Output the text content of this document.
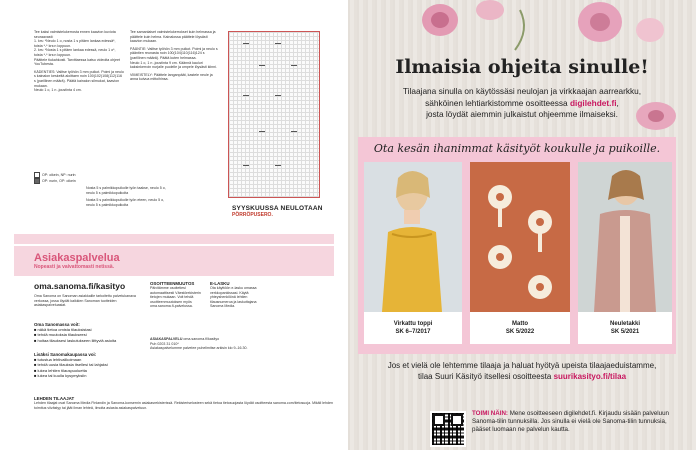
Tee kaksi valmistelukerrosta ennen kaavion kuviota seuraavasti:
1. krs: *Neulo 1 o, nosta 1 s pitäen lankaa edessä*, toista *-* krs:n loppuun.
2. krs: *Nosta 1 s pitäen lankaa edessä, neulo 1 o*, toista *-* krs:n loppuun.
Päättele tiukahkosti. Tarvittaessa katso videolta ohjeet YouTubesta.
KÄDENTIES: Valitse työhön 3 mm puikot. Poimi ja neulo s kainalon keskeltä aloittaen noin 100(102)108(112)116 s (parillinen määrä). Päätä kainalon silmukat, kaavion mukaan.
Neulo 1 o, 1 n -joustinta 4 cm.
Tee samanlaiset valmistelukerrokset kuin helmassa ja päättele kuin helma. Kainalossa päättele löysästi kaavion mukaan.
PÄÄNTIE: Valitse työhön 3 mm puikot. Poimi ja neulo s pääntien reunasta noin 100(104)110(116)124 s (parillinen määrä). Päätä kuten helmassa.
Neulo 1 o, 1 n -joustinta 9 cm. Käännä kauluri kaksinkerroin nurjalle puolelle ja ompele löysästi kiinni.
VIIMEISTELY: Päättele langanpäät, kastele neule ja anna kuivua mittoihinsa.
OP: oikein, NP: nurin
OP: nurin, OP: oikein
Nosta 5 s palmikkopuikolle työn taakse, neulo 5 o, neulo 5 s palmikkopuikolta
Nosta 5 s palmikkopuikolle työn eteen, neulo 5 o, neulo 5 s palmikkopuikolta
SYYSKUUSSA NEULOTAAN
PÖRRÖPUSERO.
Asiakaspalvelua
Nopeasti ja vaivattomasti netissä.
oma.sanoma.fi/kasityo
Oma Sanoma on Sanoman asiakkaille tarkoitettu palvelukanava verkossa, jossa löydät kaikkien Sanoman tuotteiden asiakaspalveluasiat.
Oma Sanomassa voit:
■ näkä tietoa omista tilauksistasi
■ tehdä muutoksia tilaukseesi
■ hoitaa tilauksesi laskutukseen liittyviä asioita
Lisäksi Sanomakaupassa voi:
■ tutustua lehtivalikoimaan
■ tehdä uusia tilauksia itsellesi tai lahjaksi
■ lukea lehtien tilauspuoluetta
■ lukea tai kuulla kysymyksiin
OSOITTEENMUUTOS
Päivitämme osoitetiesi automaattisesti Väestörekisterin tietojen mukaan. Voit tehdä osoitteenmuutoksen myös oma.sanoma.fi-palvelussa.
E-LASKU
Ota käyttöön e-lasku omassa verkkopankissasi. Käytä yhteyshenkilönä lehtien tilausnumeroa ja laskuttajana Sanoma Media.
ASIAKASPALVELU oma.sanoma.fi/kasityo
Puh 0203 31 010*
Asiakaspalvelumme palvelee puhelimitse arkisin klo 9–16.30.
LEHDEN TILAAJAT
Lehden tilaajat ovat Sanoma Media Finlandin ja Sanoma-konsernin asiakasrekisterissä. Rekisteriselosteen sekä tietoa tietosuojasta löydät osoitteesta sanoma.com/tietosuoja. Mikäli lehden toimitus viivästyy tai jäät ilman lehteä, ilmoita asiasta asiakaspalveluun.
Ilmaisia ohjeita sinulle!
Tilaajana sinulla on käytössäsi neulojan ja virkkaajan aarrearkku,
sähköinen lehtiarkistomme osoitteessa digilehdet.fi,
josta löydät aiemmin julkaistut ohjeemme ilmaiseksi.
Ota kesän ihanimmat käsityöt koukulle ja puikoille.
Virkattu toppi
SK 6–7/2017
Matto
SK 5/2022
Neuletakki
SK 5/2021
Jos et vielä ole lehtemme tilaaja ja haluat hyötyä upeista tilaajaeduistamme,
tilaa Suuri Käsityö itsellesi osoitteesta suurikasityo.fi/tilaa
TOIMI NÄIN: Mene osoitteeseen digilehdet.fi. Kirjaudu sisään palveluun Sanoma-tilin tunnuksilla. Jos sinulla ei vielä ole Sanoma-tilin tunnuksia, pääset luomaan ne palvelun kautta.
